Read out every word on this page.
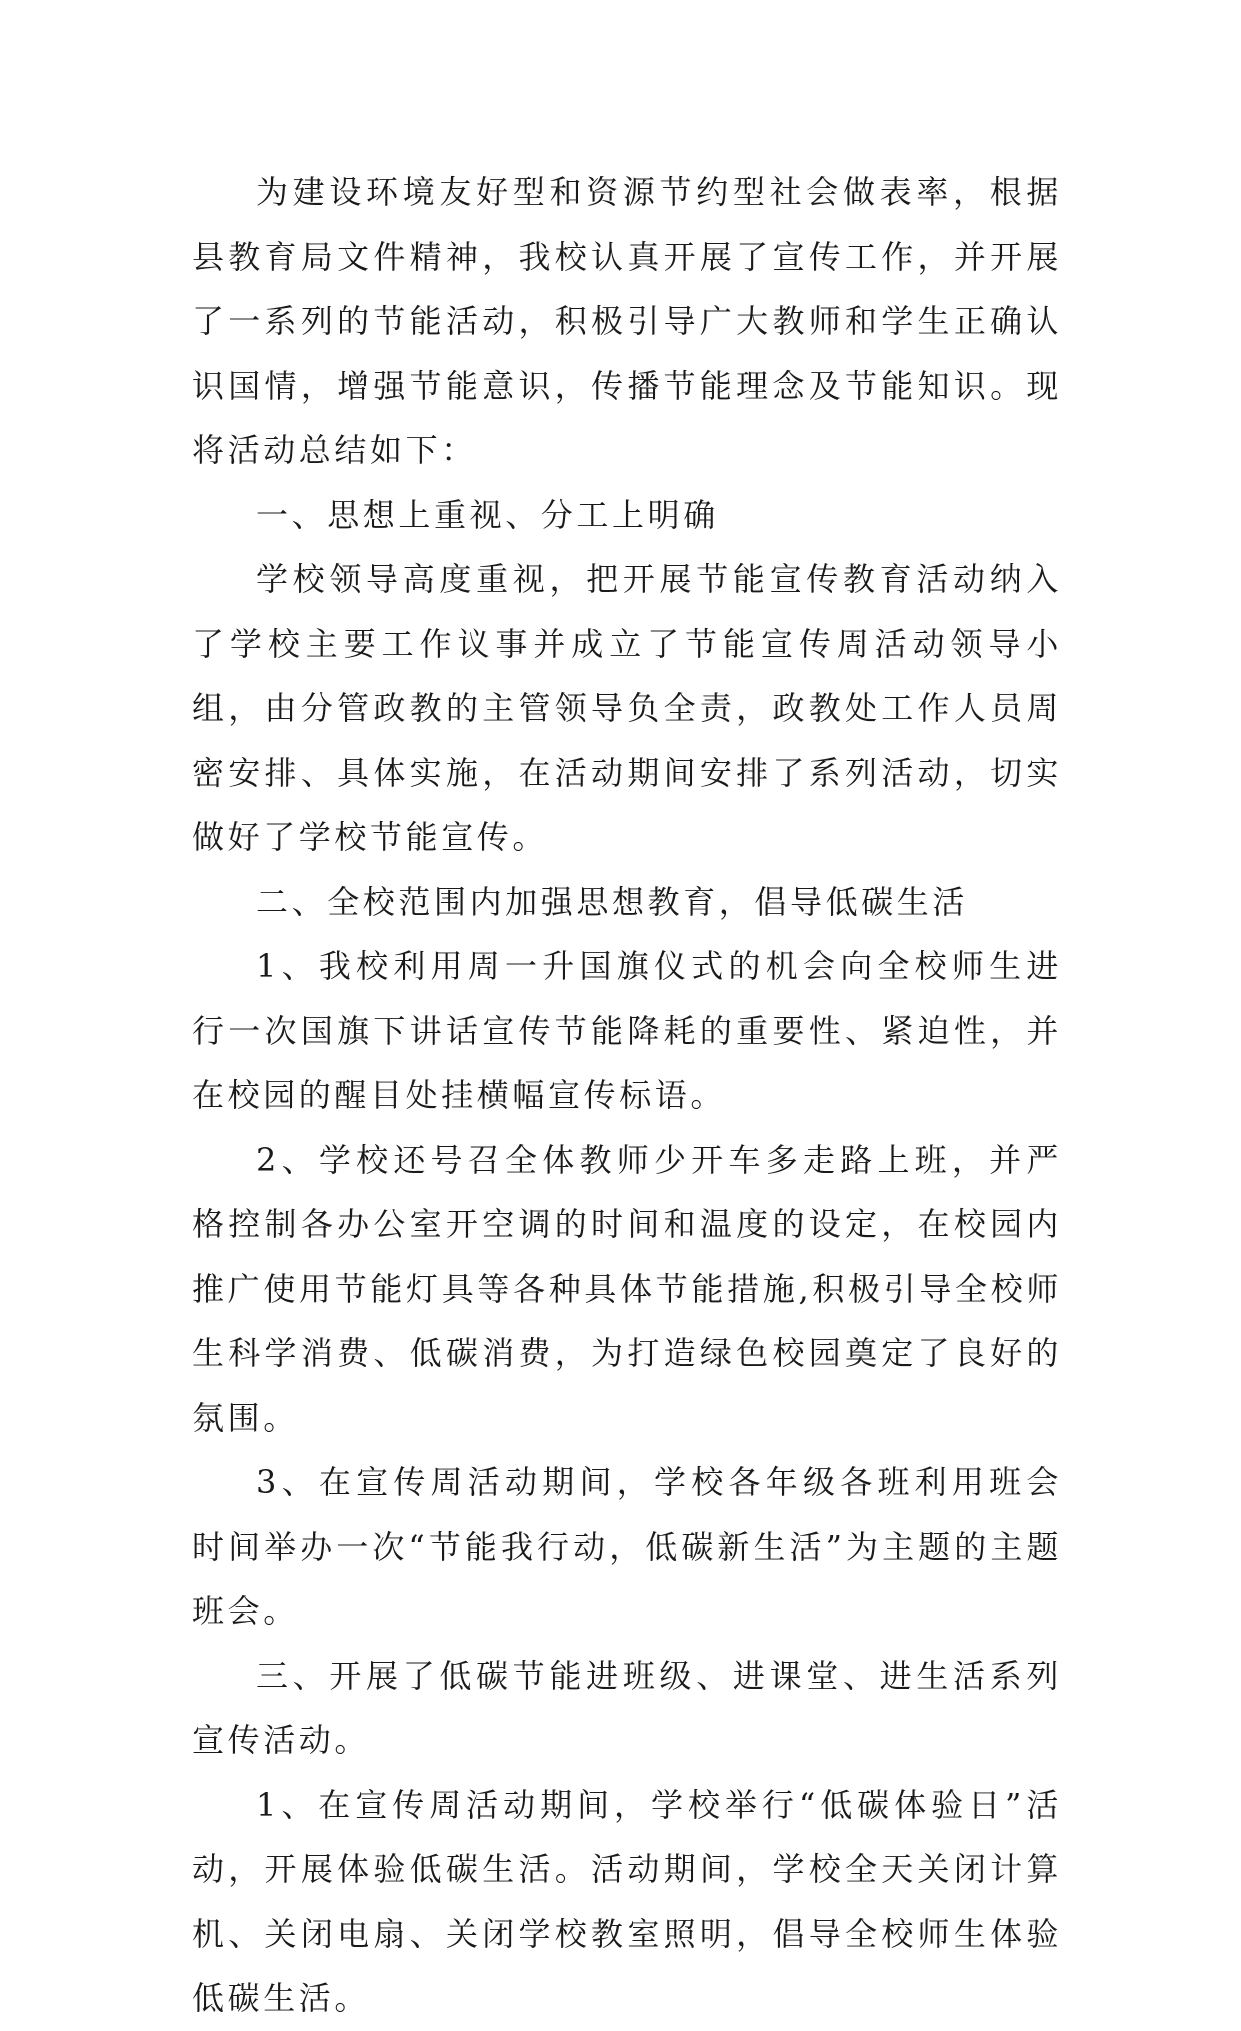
为建设环境友好型和资源节约型社会做表率，根据县教育局文件精神，我校认真开展了宣传工作，并开展了一系列的节能活动，积极引导广大教师和学生正确认识国情，增强节能意识，传播节能理念及节能知识。现将活动总结如下：

一、思想上重视、分工上明确

学校领导高度重视，把开展节能宣传教育活动纳入了学校主要工作议事并成立了节能宣传周活动领导小组，由分管政教的主管领导负全责，政教处工作人员周密安排、具体实施，在活动期间安排了系列活动，切实做好了学校节能宣传。

二、全校范围内加强思想教育，倡导低碳生活

1、我校利用周一升国旗仪式的机会向全校师生进行一次国旗下讲话宣传节能降耗的重要性、紧迫性，并在校园的醒目处挂横幅宣传标语。

2、学校还号召全体教师少开车多走路上班，并严格控制各办公室开空调的时间和温度的设定，在校园内推广使用节能灯具等各种具体节能措施,积极引导全校师生科学消费、低碳消费，为打造绿色校园奠定了良好的氛围。

3、在宣传周活动期间，学校各年级各班利用班会时间举办一次“节能我行动，低碳新生活”为主题的主题班会。

三、开展了低碳节能进班级、进课堂、进生活系列宣传活动。

1、在宣传周活动期间，学校举行“低碳体验日”活动，开展体验低碳生活。活动期间，学校全天关闭计算机、关闭电扇、关闭学校教室照明，倡导全校师生体验低碳生活。
